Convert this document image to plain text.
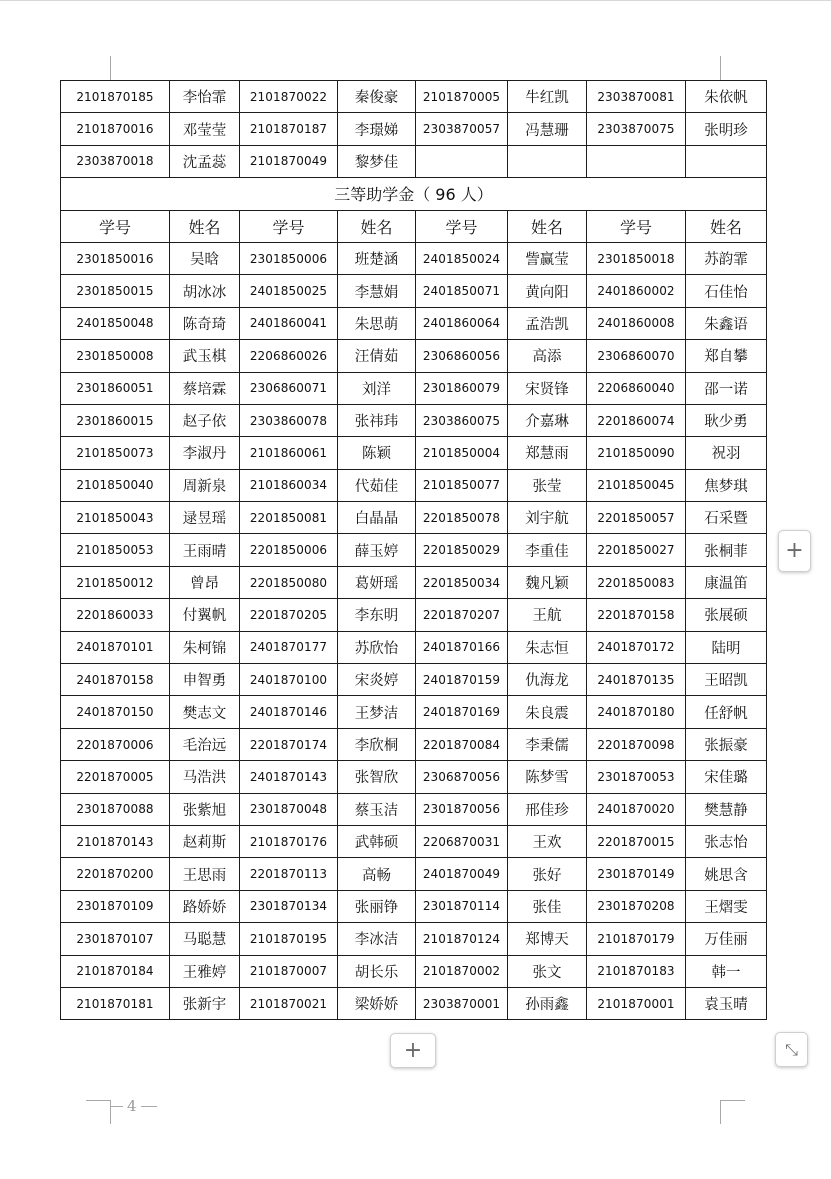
2101870185	李怡霏	2101870022	秦俊豪	2101870005	牛红凯	2303870081	朱依帆
2101870016	邓莹莹	2101870187	李璟娣	2303870057	冯慧珊	2303870075	张明珍
2303870018	沈孟蕊	2101870049	黎梦佳				
三等助学金（ 96 人）							
学号	姓名	学号	姓名	学号	姓名	学号	姓名
2301850016	吴晗	2301850006	班楚涵	2401850024	訾赢莹	2301850018	苏韵霏
2301850015	胡冰冰	2401850025	李慧娟	2401850071	黄向阳	2401860002	石佳怡
2401850048	陈奇琦	2401860041	朱思萌	2401860064	孟浩凯	2401860008	朱鑫语
2301850008	武玉棋	2206860026	汪倩茹	2306860056	高添	2306860070	郑自攀
2301860051	蔡培霖	2306860071	刘洋	2301860079	宋贤锋	2206860040	邵一诺
2301860015	赵子依	2303860078	张祎玮	2303860075	介嘉琳	2201860074	耿少勇
2101850073	李淑丹	2101860061	陈颖	2101850004	郑慧雨	2101850090	祝羽
2101850040	周新泉	2101860034	代茹佳	2101850077	张莹	2101850045	焦梦琪
2101850043	逯昱瑶	2201850081	白晶晶	2201850078	刘宇航	2201850057	石采暨
2101850053	王雨晴	2201850006	薛玉婷	2201850029	李重佳	2201850027	张桐菲
2101850012	曾昂	2201850080	葛妍瑶	2201850034	魏凡颖	2201850083	康温笛
2201860033	付翼帆	2201870205	李东明	2201870207	王航	2201870158	张展硕
2401870101	朱柯锦	2401870177	苏欣怡	2401870166	朱志恒	2401870172	陆明
2401870158	申智勇	2401870100	宋炎婷	2401870159	仇海龙	2401870135	王昭凯
2401870150	樊志文	2401870146	王梦洁	2401870169	朱良震	2401870180	任舒帆
2201870006	毛治远	2201870174	李欣桐	2201870084	李秉儒	2201870098	张振豪
2201870005	马浩洪	2401870143	张智欣	2306870056	陈梦雪	2301870053	宋佳璐
2301870088	张紫旭	2301870048	蔡玉洁	2301870056	邢佳珍	2401870020	樊慧静
2101870143	赵莉斯	2101870176	武韩硕	2206870031	王欢	2201870015	张志怡
2201870200	王思雨	2201870113	高畅	2401870049	张好	2301870149	姚思含
2301870109	路娇娇	2301870134	张丽铮	2301870114	张佳	2301870208	王熠雯
2301870107	马聪慧	2101870195	李冰洁	2101870124	郑博天	2101870179	万佳丽
2101870184	王雅婷	2101870007	胡长乐	2101870002	张文	2101870183	韩一
2101870181	张新宇	2101870021	梁娇娇	2303870001	孙雨鑫	2101870001	袁玉晴
+
+	⤡
4
